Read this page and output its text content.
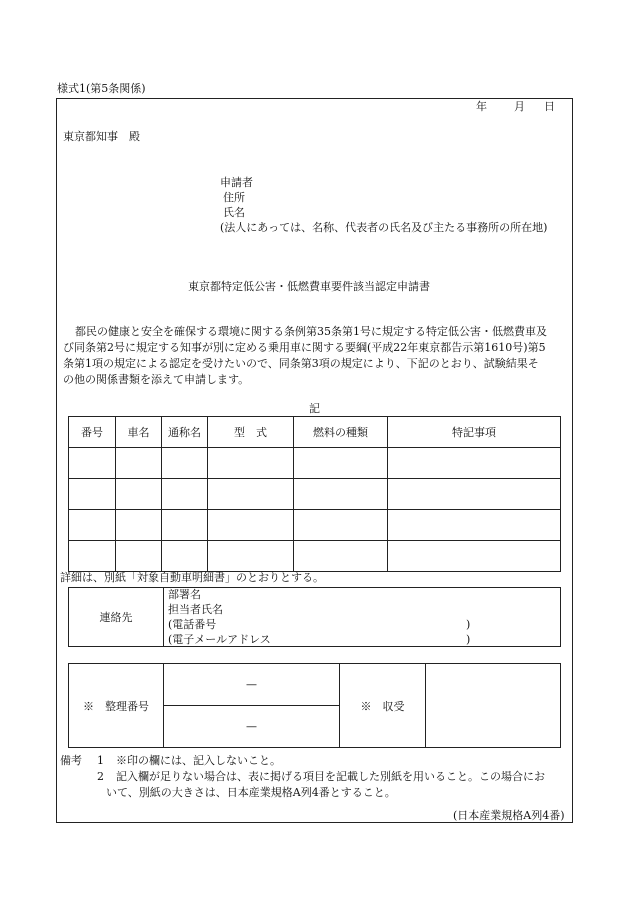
様式1(第5条関係)
年 月 日
東京都知事　殿
申請者
住所
氏名
(法人にあっては、名称、代表者の氏名及び主たる事務所の所在地)
東京都特定低公害・低燃費車要件該当認定申請書
都民の健康と安全を確保する環境に関する条例第35条第1号に規定する特定低公害・低燃費車及
び同条第2号に規定する知事が別に定める乗用車に関する要綱(平成22年東京都告示第1610号)第5
条第1項の規定による認定を受けたいので、同条第3項の規定により、下記のとおり、試験結果そ
の他の関係書類を添えて申請します。
記
番号	車名	通称名	型　式	燃料の種類	特記事項

詳細は、別紙「対象自動車明細書」のとおりとする。
連絡先	
部署名
担当者氏名
(電話番号	)
(電子メールアドレス	)
※　整理番号	—	※　収受	
—
備考 1 ※印の欄には、記入しないこと。
2 記入欄が足りない場合は、表に掲げる項目を記載した別紙を用いること。この場合にお
いて、別紙の大きさは、日本産業規格A列4番とすること。
(日本産業規格A列4番)
